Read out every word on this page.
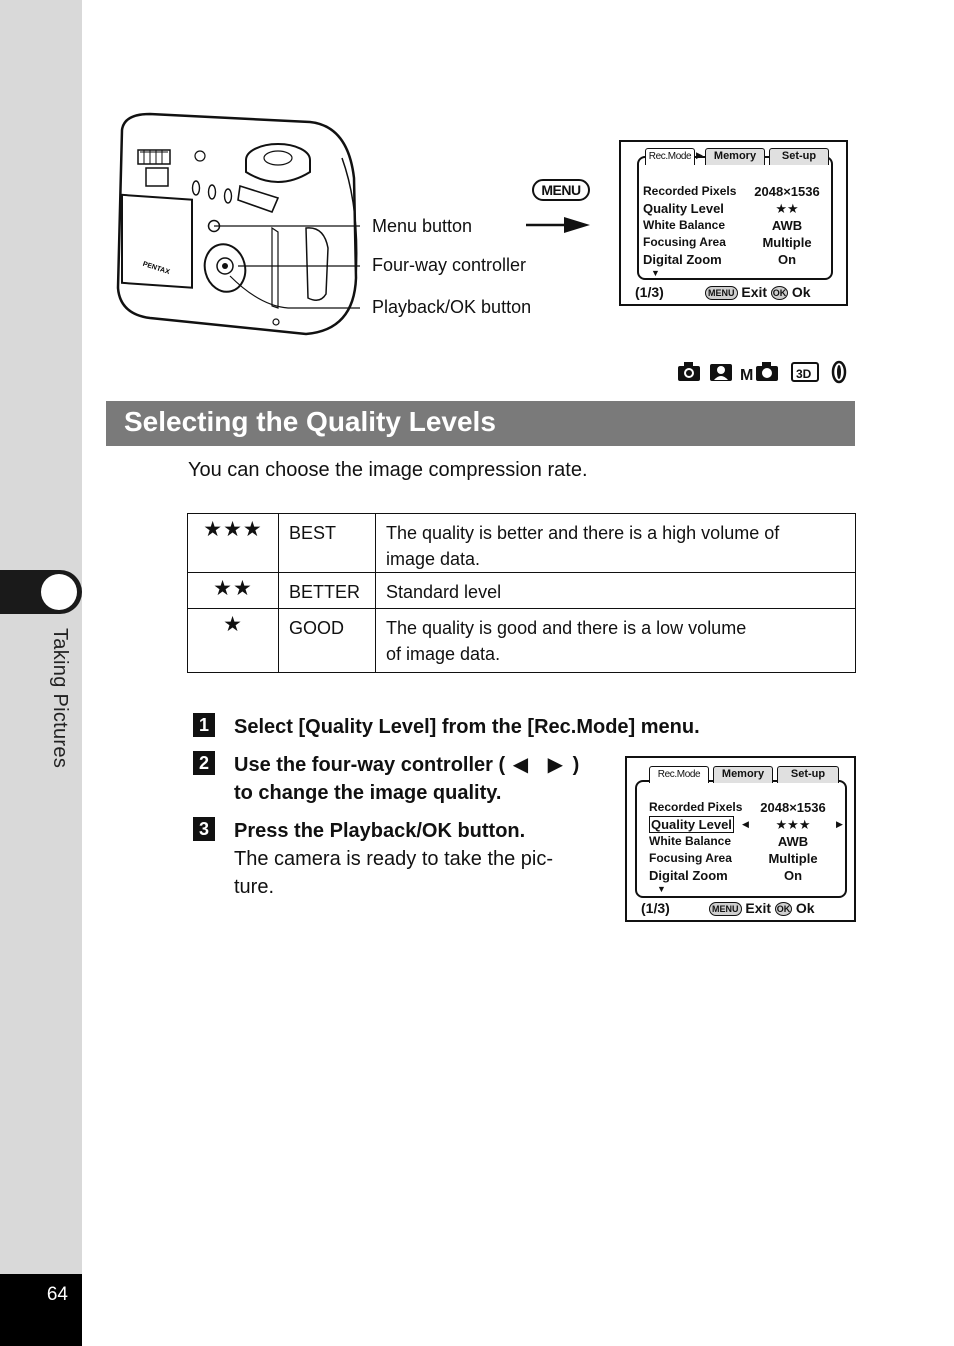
Taking Pictures
64
PENTAX
Menu button
Four-way controller
Playback/OK button
MENU
Rec.Mode	Memory	Set-up
▶
Recorded Pixels	2048×1536
Quality Level	★★
White Balance	AWB
Focusing Area	Multiple
Digital Zoom	On
▼
(1/3)	MENU Exit OK Ok
M	3D
Selecting the Quality Levels
You can choose the image compression rate.
★★★	BEST	The quality is better and there is a high volume of
image data.

★★	BETTER	Standard level

★	GOOD	The quality is good and there is a low volume
of image data.
1	Select [Quality Level] from the [Rec.Mode] menu.
2	Use the four-way controller ( ◀ ▶ )
to change the image quality.
3	Press the Playback/OK button.
The camera is ready to take the pic-
ture.
Rec.Mode	Memory	Set-up
Recorded Pixels	2048×1536
Quality Level ◀	★★★	▶
White Balance	AWB
Focusing Area	Multiple
Digital Zoom	On
▼
(1/3)	MENU Exit OK Ok
